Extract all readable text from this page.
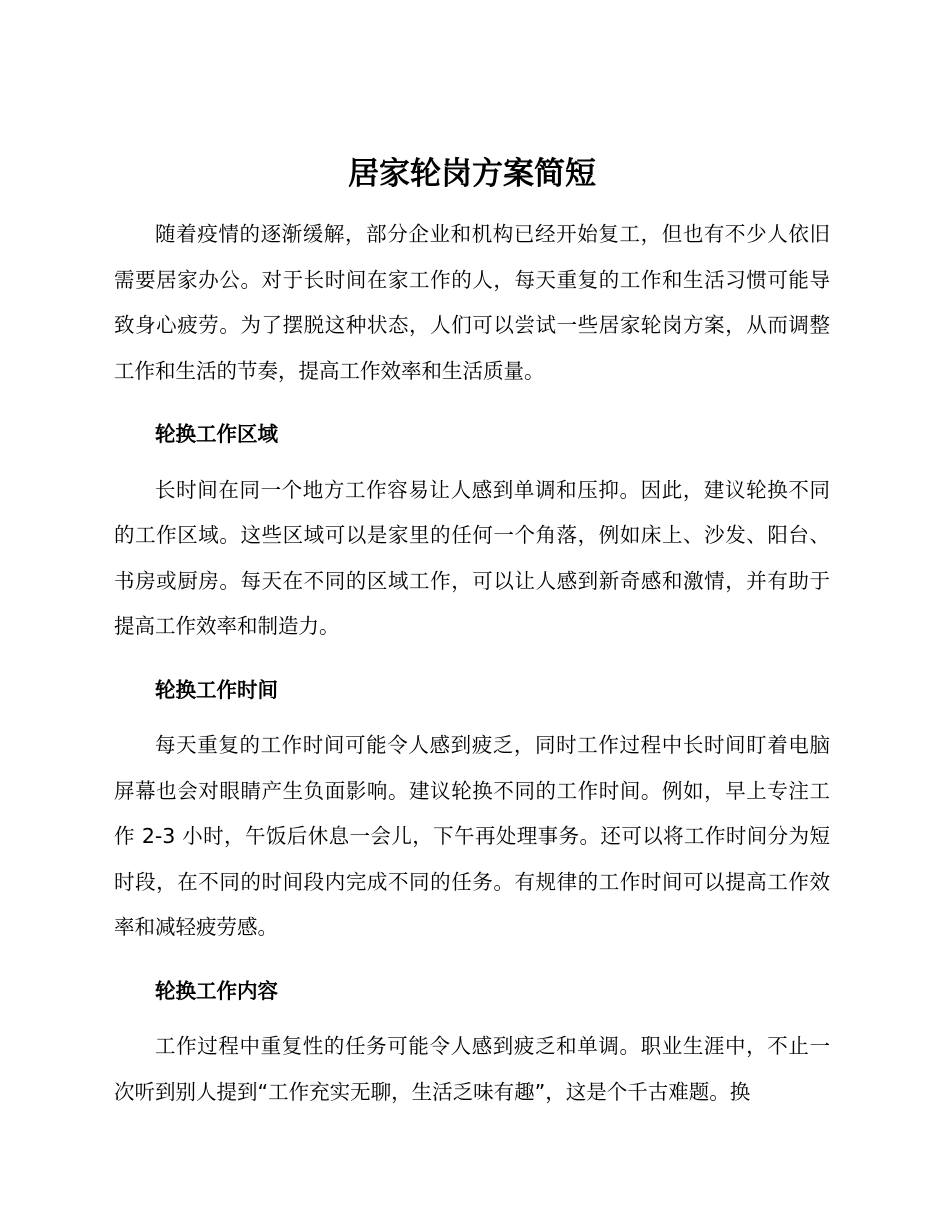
居家轮岗方案简短

随着疫情的逐渐缓解，部分企业和机构已经开始复工，但也有不少人依旧需要居家办公。对于长时间在家工作的人，每天重复的工作和生活习惯可能导致身心疲劳。为了摆脱这种状态，人们可以尝试一些居家轮岗方案，从而调整工作和生活的节奏，提高工作效率和生活质量。

轮换工作区域

长时间在同一个地方工作容易让人感到单调和压抑。因此，建议轮换不同的工作区域。这些区域可以是家里的任何一个角落，例如床上、沙发、阳台、书房或厨房。每天在不同的区域工作，可以让人感到新奇感和激情，并有助于提高工作效率和制造力。

轮换工作时间

每天重复的工作时间可能令人感到疲乏，同时工作过程中长时间盯着电脑屏幕也会对眼睛产生负面影响。建议轮换不同的工作时间。例如，早上专注工作 2-3 小时，午饭后休息一会儿，下午再处理事务。还可以将工作时间分为短时段，在不同的时间段内完成不同的任务。有规律的工作时间可以提高工作效率和减轻疲劳感。

轮换工作内容

工作过程中重复性的任务可能令人感到疲乏和单调。职业生涯中，不止一次听到别人提到“工作充实无聊，生活乏味有趣”，这是个千古难题。换
